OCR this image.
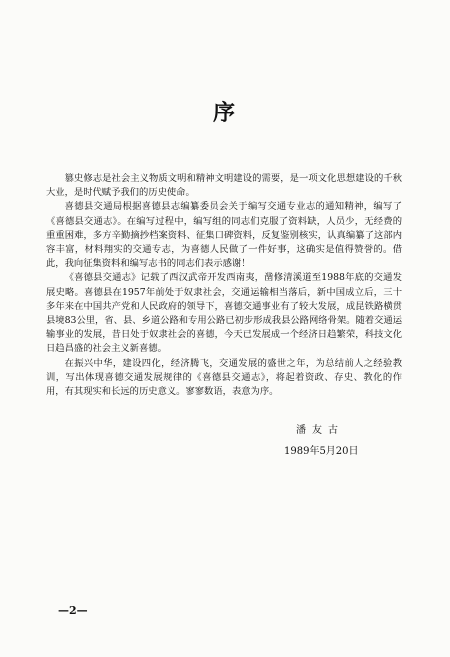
序

篡史修志是社会主义物质文明和精神文明建设的需要，是一项文化思想建设的千秋大业，是时代赋予我们的历史使命。

喜德县交通局根据喜德县志编纂委员会关于编写交通专业志的通知精神，编写了《喜德县交通志》。在编写过程中，编写组的同志们克服了资料缺，人员少，无经费的重重困难，多方辛勤摘抄档案资料、征集口碑资料，反复鉴别核实，认真编纂了这部内容丰富，材料翔实的交通专志，为喜德人民做了一件好事，这确实是值得赞誉的。借此，我向征集资料和编写志书的同志们表示感谢！

《喜德县交通志》记载了西汉武帝开发西南夷，凿修清溪道至1988年底的交通发展史略。喜德县在1957年前处于奴隶社会，交通运输相当落后，新中国成立后，三十多年来在中国共产党和人民政府的领导下，喜德交通事业有了较大发展，成昆铁路横贯县境83公里，省、县、乡道公路和专用公路已初步形成我县公路网络骨架。随着交通运输事业的发展，昔日处于奴隶社会的喜德，今天已发展成一个经济日趋繁荣，科技文化日趋昌盛的社会主义新喜德。

在振兴中华，建设四化，经济腾飞，交通发展的盛世之年，为总结前人之经验教训，写出体现喜德交通发展规律的《喜德县交通志》，将起着资政、存史、教化的作用，有其现实和长远的历史意义。寥寥数语，表意为序。

潘友古
1989年5月20日
—2—
